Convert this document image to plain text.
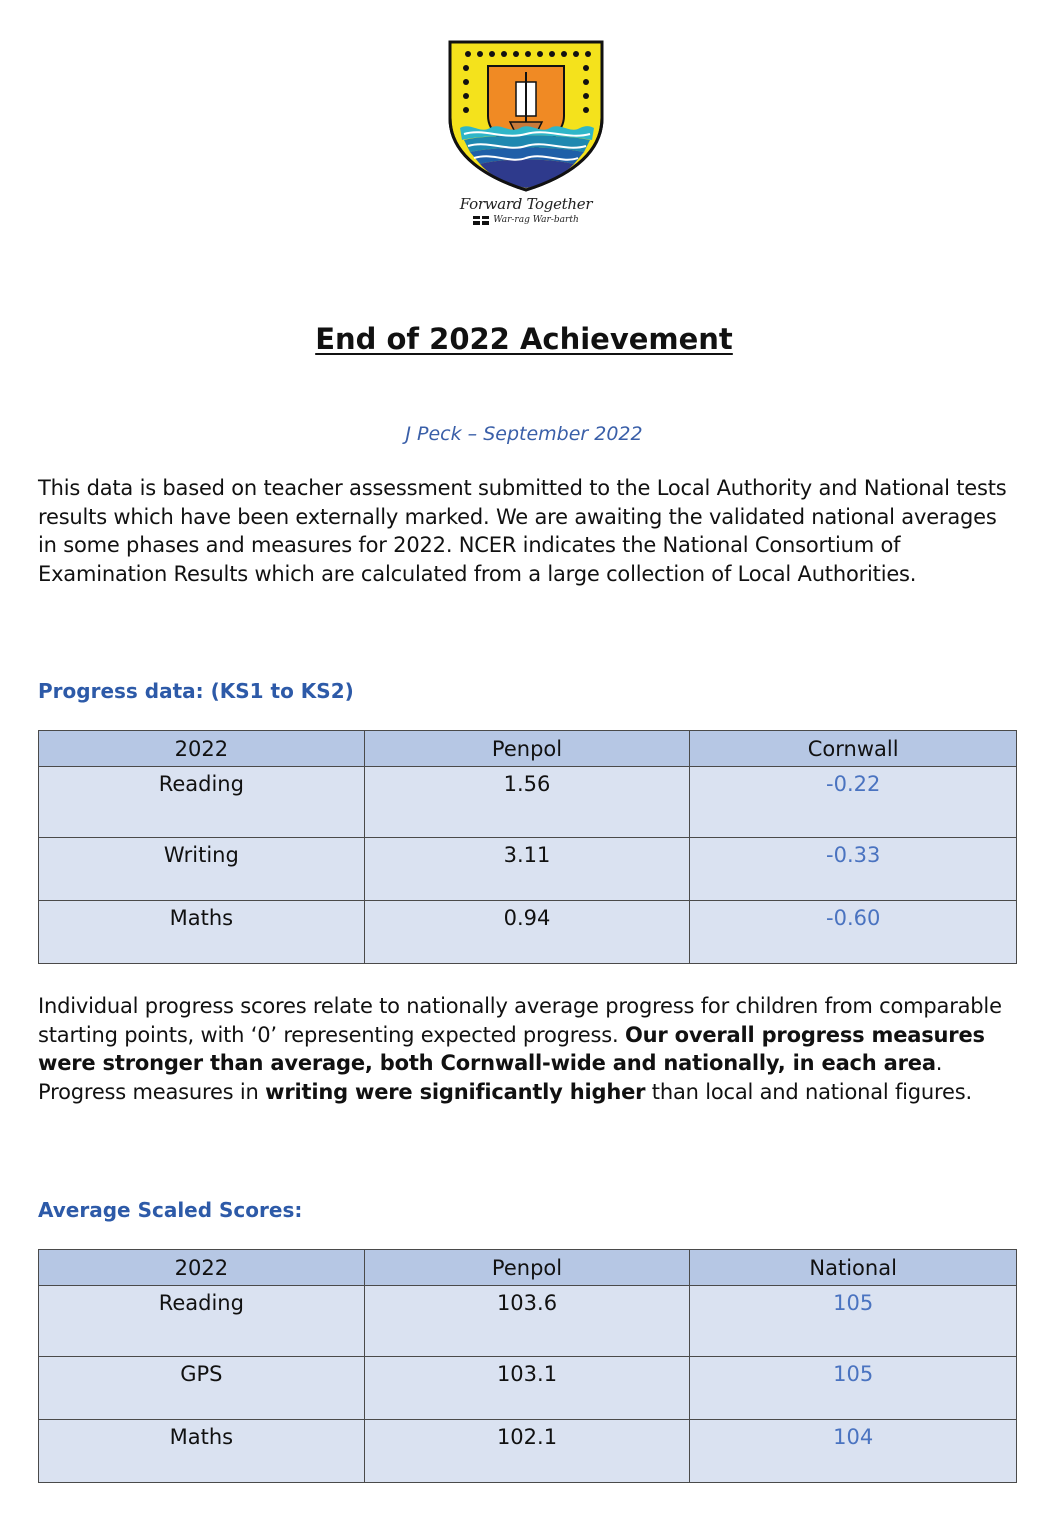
Forward Together
War-rag War-barth
End of 2022 Achievement
J Peck – September 2022

This data is based on teacher assessment submitted to the Local Authority and National tests results which have been externally marked. We are awaiting the validated national averages in some phases and measures for 2022. NCER indicates the National Consortium of Examination Results which are calculated from a large collection of Local Authorities.

Progress data: (KS1 to KS2)
2022	Penpol	Cornwall
Reading	1.56	-0.22
Writing	3.11	-0.33
Maths	0.94	-0.60

Individual progress scores relate to nationally average progress for children from comparable starting points, with ‘0’ representing expected progress. Our overall progress measures were stronger than average, both Cornwall-wide and nationally, in each area. Progress measures in writing were significantly higher than local and national figures.

Average Scaled Scores:
2022	Penpol	National
Reading	103.6	105
GPS	103.1	105
Maths	102.1	104
